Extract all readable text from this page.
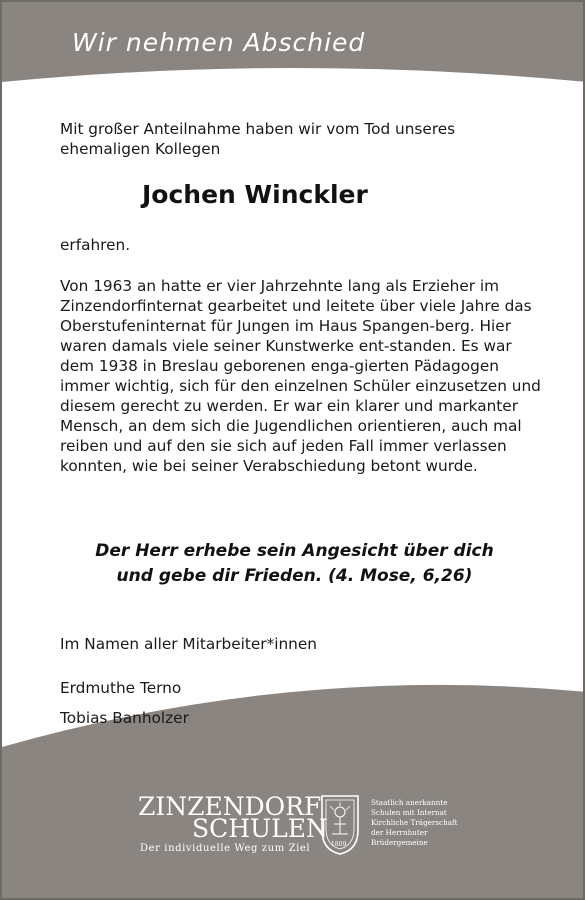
Wir nehmen Abschied
Mit großer Anteilnahme haben wir vom Tod unseres ehemaligen Kollegen
Jochen Winckler
erfahren.

Von 1963 an hatte er vier Jahrzehnte lang als Erzieher im Zinzendorfinternat gearbeitet und leitete über viele Jahre das Oberstufeninternat für Jungen im Haus Spangen-berg. Hier waren damals viele seiner Kunstwerke ent-standen. Es war dem 1938 in Breslau geborenen enga-gierten Pädagogen immer wichtig, sich für den einzelnen Schüler einzusetzen und diesem gerecht zu werden. Er war ein klarer und markanter Mensch, an dem sich die Jugendlichen orientieren, auch mal reiben und auf den sie sich auf jeden Fall immer verlassen konnten, wie bei seiner Verabschiedung betont wurde.

Der Herr erhebe sein Angesicht über dich
und gebe dir Frieden. (4. Mose, 6,26)
Im Namen aller Mitarbeiter*innen
Erdmuthe Terno
Tobias Banholzer
ZINZENDORF
SCHULEN
Der individuelle Weg zum Ziel	1809
Staatlich anerkannte
Schulen mit Internat
Kirchliche Trägerschaft
der Herrnhuter
Brüdergemeine
